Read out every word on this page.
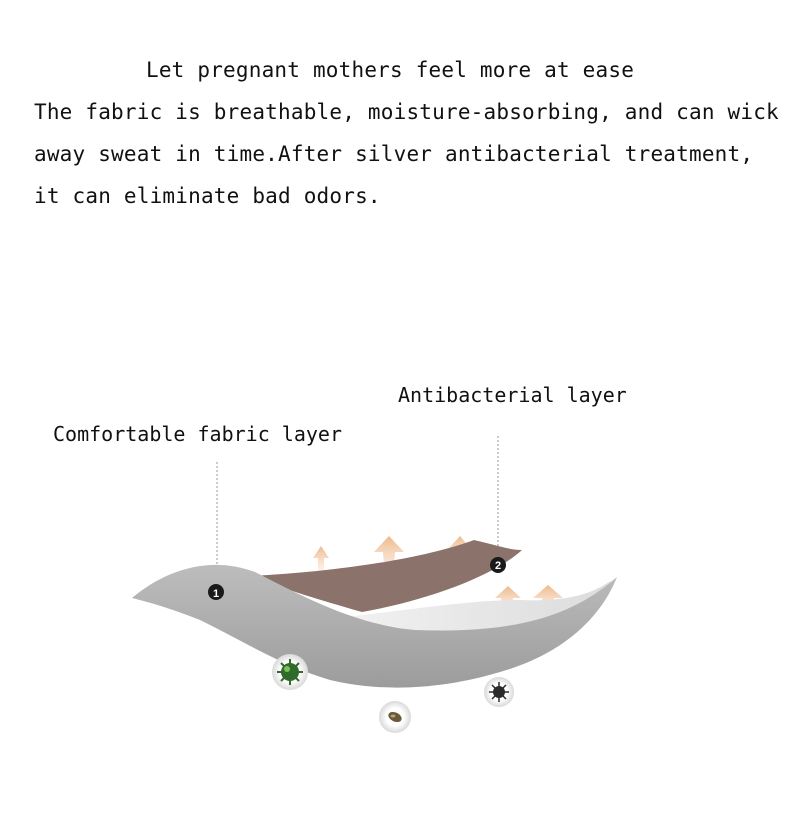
Let pregnant mothers feel more at ease
The fabric is breathable, moisture-absorbing, and can wick
away sweat in time.After silver antibacterial treatment,
it can eliminate bad odors.
Antibacterial layer
Comfortable fabric layer
1
2
